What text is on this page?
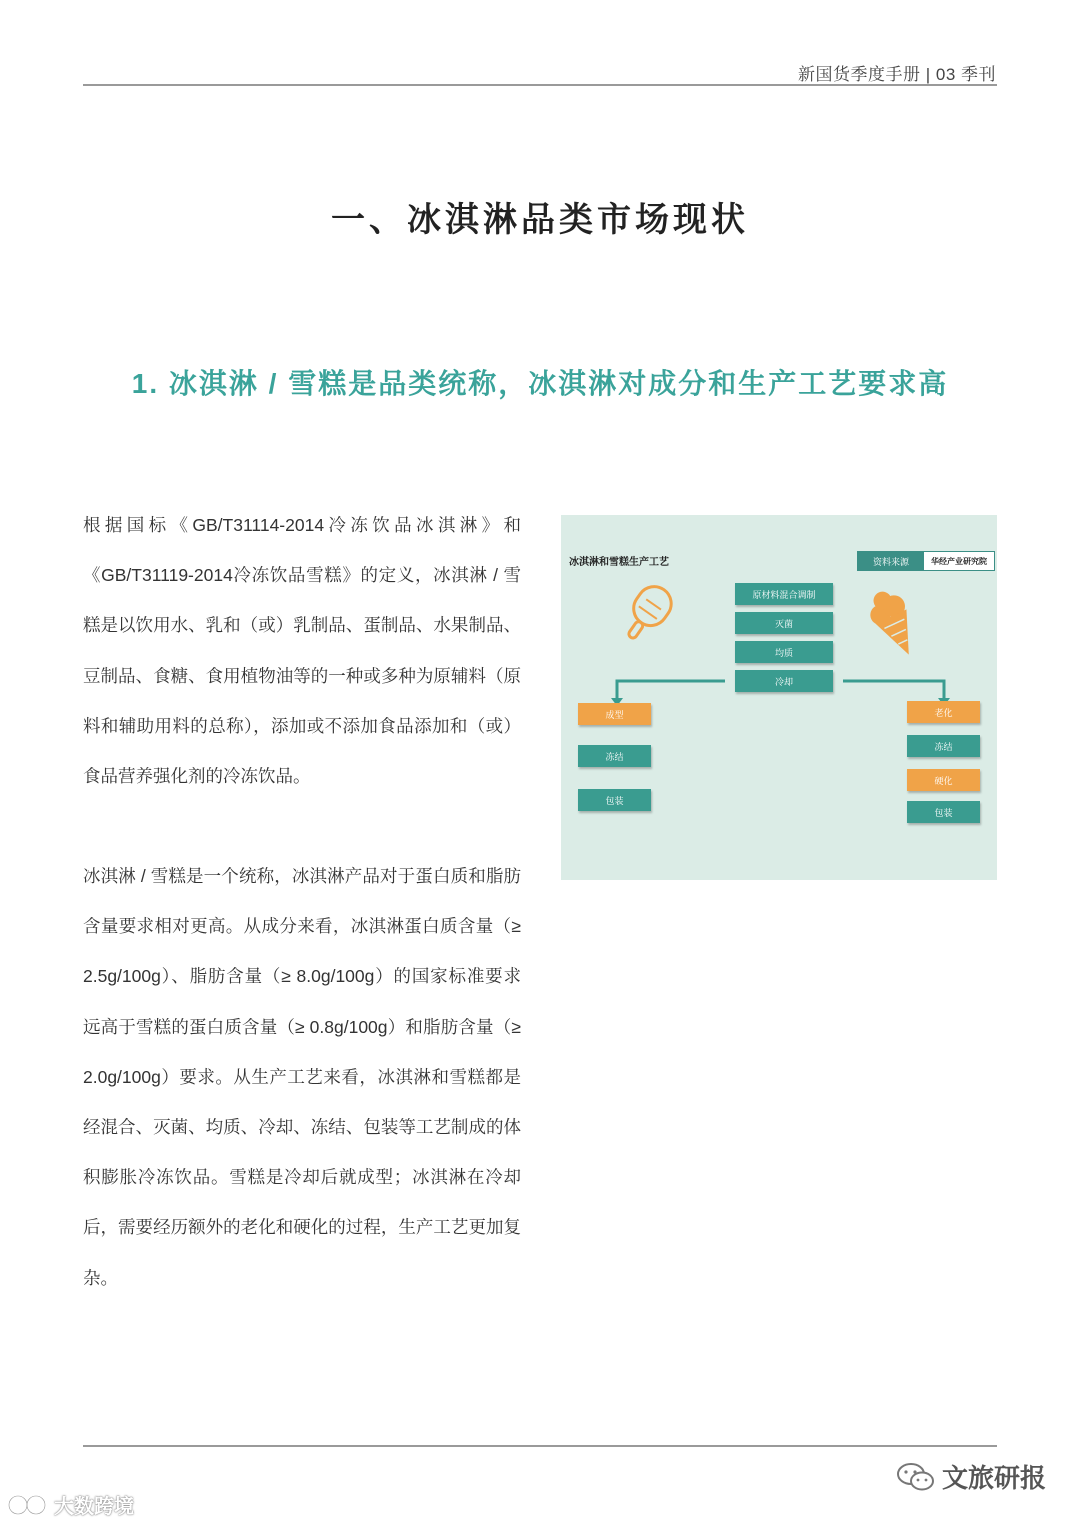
新国货季度手册 | 03 季刊
一、冰淇淋品类市场现状
1. 冰淇淋 / 雪糕是品类统称，冰淇淋对成分和生产工艺要求高

根据国标《GB/T31114-2014冷冻饮品冰淇淋》和《GB/T31119-2014冷冻饮品雪糕》的定义，冰淇淋 / 雪糕是以饮用水、乳和（或）乳制品、蛋制品、水果制品、豆制品、食糖、食用植物油等的一种或多种为原辅料（原料和辅助用料的总称），添加或不添加食品添加和（或）食品营养强化剂的冷冻饮品。

冰淇淋 / 雪糕是一个统称，冰淇淋产品对于蛋白质和脂肪含量要求相对更高。从成分来看，冰淇淋蛋白质含量（≥ 2.5g/100g）、脂肪含量（≥ 8.0g/100g）的国家标准要求远高于雪糕的蛋白质含量（≥ 0.8g/100g）和脂肪含量（≥ 2.0g/100g）要求。从生产工艺来看，冰淇淋和雪糕都是经混合、灭菌、均质、冷却、冻结、包装等工艺制成的体积膨胀冷冻饮品。雪糕是冷却后就成型；冰淇淋在冷却后，需要经历额外的老化和硬化的过程，生产工艺更加复杂。

冰淇淋和雪糕生产工艺	资料来源	华经产业研究院
原材料混合调制
灭菌
均质
冷却
成型
冻结
包装
老化
冻结
硬化
包装
文旅研报
大数跨境
